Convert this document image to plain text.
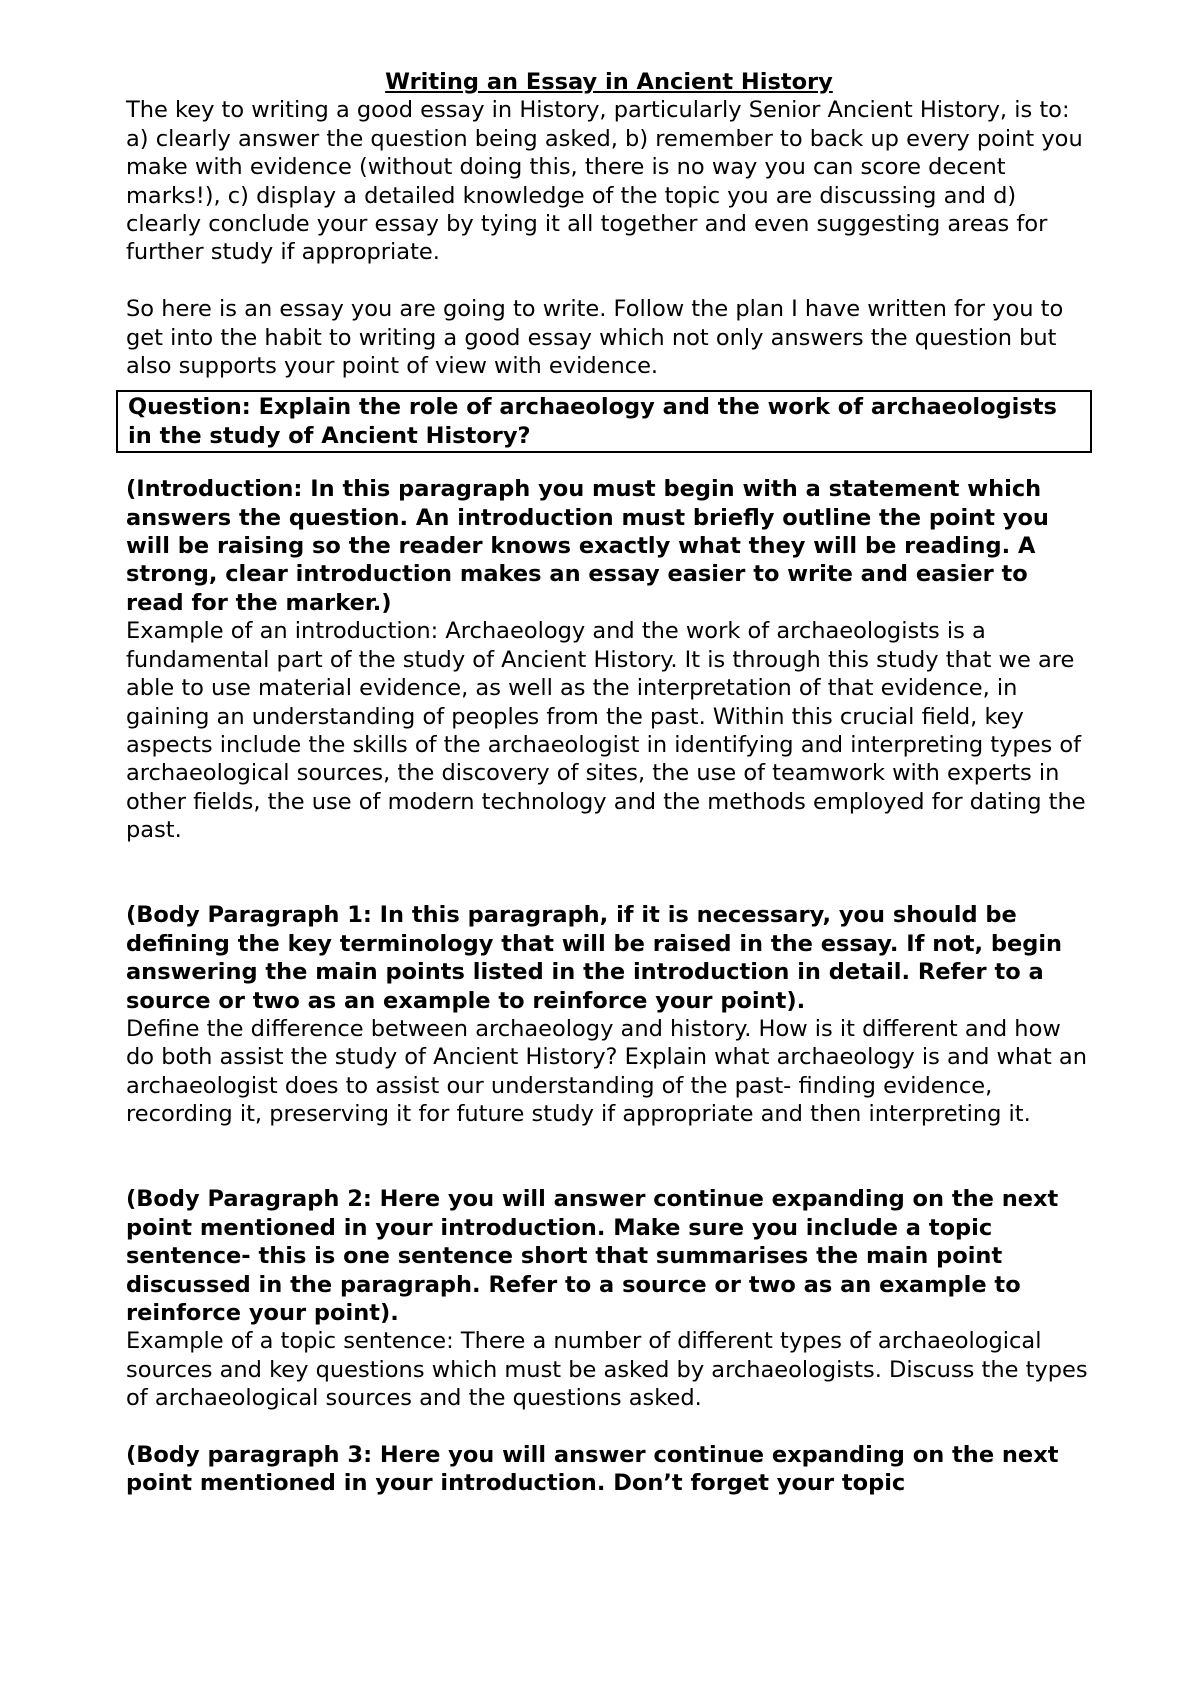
Writing an Essay in Ancient History

The key to writing a good essay in History, particularly Senior Ancient History, is to: a) clearly answer the question being asked, b) remember to back up every point you make with evidence (without doing this, there is no way you can score decent marks!), c) display a detailed knowledge of the topic you are discussing and d) clearly conclude your essay by tying it all together and even suggesting areas for further study if appropriate.

So here is an essay you are going to write. Follow the plan I have written for you to get into the habit to writing a good essay which not only answers the question but also supports your point of view with evidence.

Question: Explain the role of archaeology and the work of archaeologists in the study of Ancient History?

(Introduction: In this paragraph you must begin with a statement which answers the question. An introduction must briefly outline the point you will be raising so the reader knows exactly what they will be reading. A strong, clear introduction makes an essay easier to write and easier to read for the marker.)

Example of an introduction: Archaeology and the work of archaeologists is a fundamental part of the study of Ancient History. It is through this study that we are able to use material evidence, as well as the interpretation of that evidence, in gaining an understanding of peoples from the past. Within this crucial field, key aspects include the skills of the archaeologist in identifying and interpreting types of archaeological sources, the discovery of sites, the use of teamwork with experts in other fields, the use of modern technology and the methods employed for dating the past.

(Body Paragraph 1: In this paragraph, if it is necessary, you should be defining the key terminology that will be raised in the essay. If not, begin answering the main points listed in the introduction in detail. Refer to a source or two as an example to reinforce your point).

Define the difference between archaeology and history. How is it different and how do both assist the study of Ancient History? Explain what archaeology is and what an archaeologist does to assist our understanding of the past- finding evidence, recording it, preserving it for future study if appropriate and then interpreting it.

(Body Paragraph 2: Here you will answer continue expanding on the next point mentioned in your introduction. Make sure you include a topic sentence- this is one sentence short that summarises the main point discussed in the paragraph. Refer to a source or two as an example to reinforce your point).

Example of a topic sentence: There a number of different types of archaeological sources and key questions which must be asked by archaeologists. Discuss the types of archaeological sources and the questions asked.

(Body paragraph 3: Here you will answer continue expanding on the next point mentioned in your introduction. Don’t forget your topic
